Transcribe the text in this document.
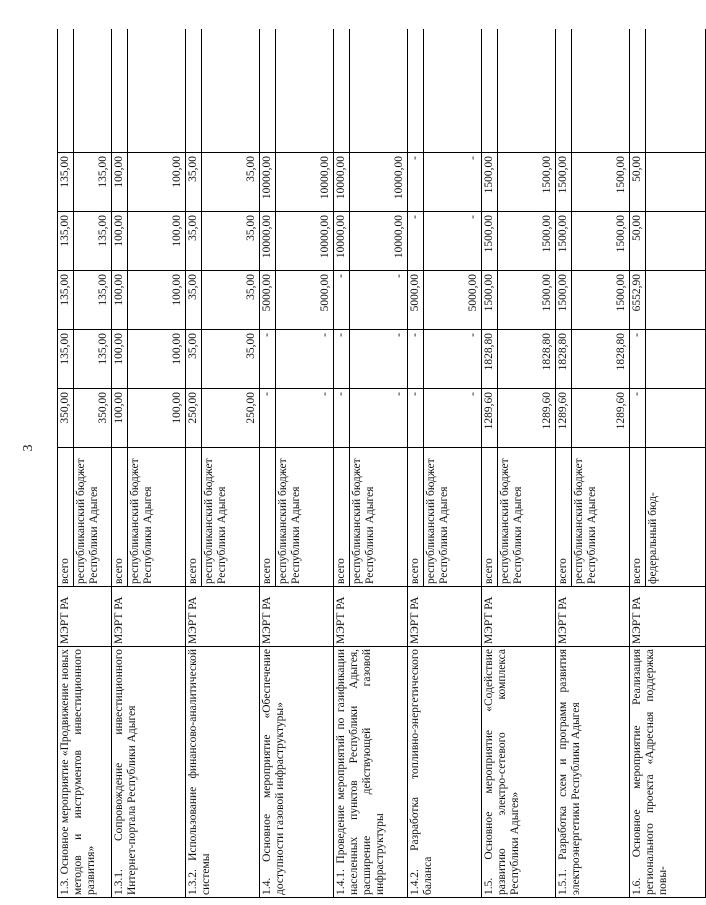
3
1.3. Основное мероприятие «Продвижение новых методов и инструментов инвестиционного развития»	МЭРТ РА	всего	350,00	135,00	135,00	135,00	135,00	
		республиканский бюджет Республики Адыгея	350,00	135,00	135,00	135,00	135,00	
1.3.1. Сопровождение инвестиционного Интернет-портала Республики Адыгея	МЭРТ РА	всего	100,00	100,00	100,00	100,00	100,00	
		республиканский бюджет Республики Адыгея	100,00	100,00	100,00	100,00	100,00	
1.3.2. Использование финансово-аналитической системы	МЭРТ РА	всего	250,00	35,00	35,00	35,00	35,00	
		республиканский бюджет Республики Адыгея	250,00	35,00	35,00	35,00	35,00	
1.4. Основное мероприятие «Обеспечение доступности газовой инфраструктуры»	МЭРТ РА	всего	-	-	5000,00	10000,00	10000,00	
		республиканский бюджет Республики Адыгея	-	-	5000,00	10000,00	10000,00	
1.4.1. Проведение мероприятий по газификации населенных пунктов Республики Адыгея, расширение действующей газовой инфраструктуры	МЭРТ РА	всего	-	-	-	10000,00	10000,00	
		республиканский бюджет Республики Адыгея	-	-	-	10000,00	10000,00	
1.4.2. Разработка топливно-энергетического баланса	МЭРТ РА	всего	-	-	5000,00	-	-	
		республиканский бюджет Республики Адыгея	-	-	5000,00	-	-	
1.5. Основное мероприятие «Содействие развитию электро-сетевого комплекса Республики Адыгея»	МЭРТ РА	всего	1289,60	1828,80	1500,00	1500,00	1500,00	
		республиканский бюджет Республики Адыгея	1289,60	1828,80	1500,00	1500,00	1500,00	
1.5.1. Разработка схем и программ развития электроэнергетики Республики Адыгея	МЭРТ РА	всего	1289,60	1828,80	1500,00	1500,00	1500,00	
		республиканский бюджет Республики Адыгея	1289,60	1828,80	1500,00	1500,00	1500,00	
1.6. Основное мероприятие Реализация регионального проекта «Адресная поддержка повы-	МЭРТ РА	всего	-	-	6552,90	50,00	50,00	
		федеральный бюд-						
